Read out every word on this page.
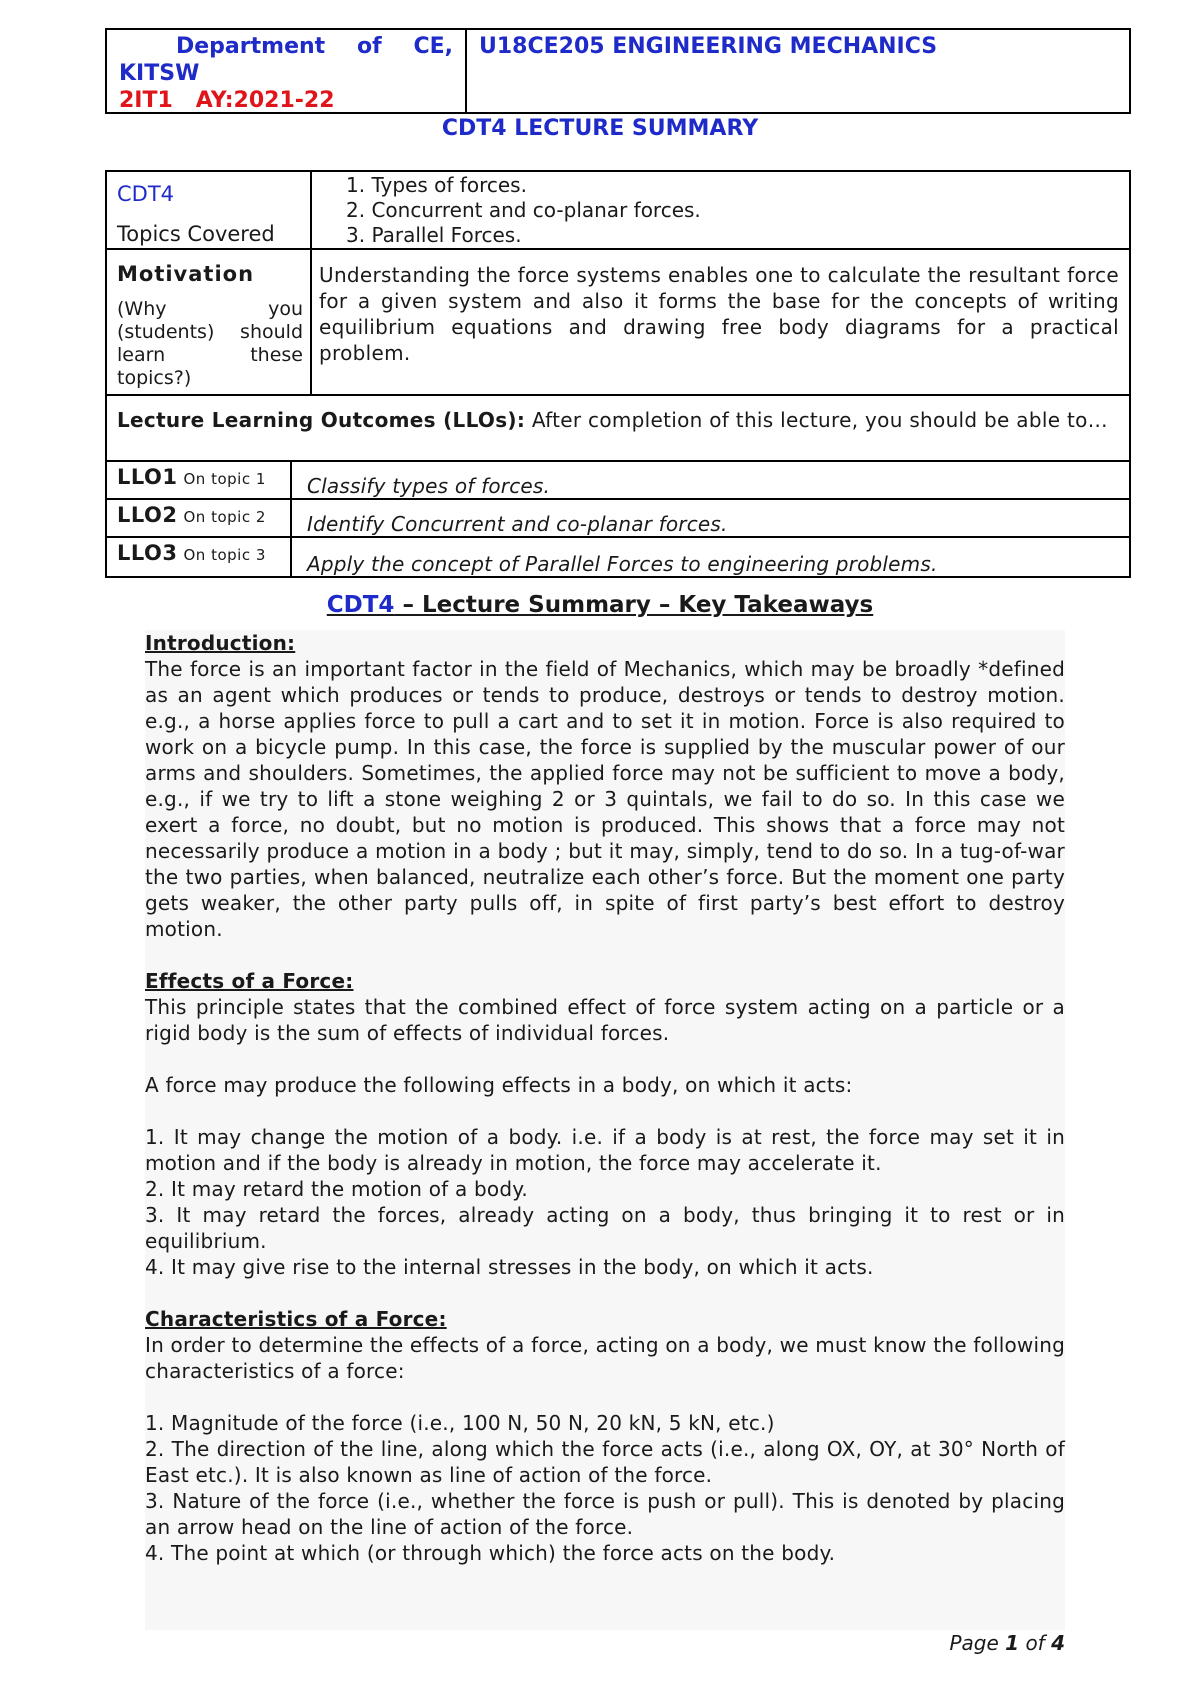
Department of CE,
KITSW
2IT1 AY:2021-22
U18CE205 ENGINEERING MECHANICS
CDT4 LECTURE SUMMARY
CDT4
Topics Covered
1. Types of forces.
2. Concurrent and co-planar forces.
3. Parallel Forces.
Motivation
(Why you (students) should learn these topics?)
Understanding the force systems enables one to calculate the resultant force for a given system and also it forms the base for the concepts of writing equilibrium equations and drawing free body diagrams for a practical problem.
Lecture Learning Outcomes (LLOs): After completion of this lecture, you should be able to…
LLO1 On topic 1 Classify types of forces.
LLO2 On topic 2 Identify Concurrent and co-planar forces.
LLO3 On topic 3 Apply the concept of Parallel Forces to engineering problems.
CDT4 – Lecture Summary – Key Takeaways
Introduction:

The force is an important factor in the field of Mechanics, which may be broadly *defined as an agent which produces or tends to produce, destroys or tends to destroy motion. e.g., a horse applies force to pull a cart and to set it in motion. Force is also required to work on a bicycle pump. In this case, the force is supplied by the muscular power of our arms and shoulders. Sometimes, the applied force may not be sufficient to move a body, e.g., if we try to lift a stone weighing 2 or 3 quintals, we fail to do so. In this case we exert a force, no doubt, but no motion is produced. This shows that a force may not necessarily produce a motion in a body ; but it may, simply, tend to do so. In a tug-of-war the two parties, when balanced, neutralize each other’s force. But the moment one party gets weaker, the other party pulls off, in spite of first party’s best effort to destroy motion.

Effects of a Force:

This principle states that the combined effect of force system acting on a particle or a rigid body is the sum of effects of individual forces.

A force may produce the following effects in a body, on which it acts:

1. It may change the motion of a body. i.e. if a body is at rest, the force may set it in motion and if the body is already in motion, the force may accelerate it.

2. It may retard the motion of a body.

3. It may retard the forces, already acting on a body, thus bringing it to rest or in equilibrium.

4. It may give rise to the internal stresses in the body, on which it acts.

Characteristics of a Force:

In order to determine the effects of a force, acting on a body, we must know the following characteristics of a force:

1. Magnitude of the force (i.e., 100 N, 50 N, 20 kN, 5 kN, etc.)

2. The direction of the line, along which the force acts (i.e., along OX, OY, at 30° North of East etc.). It is also known as line of action of the force.

3. Nature of the force (i.e., whether the force is push or pull). This is denoted by placing an arrow head on the line of action of the force.

4. The point at which (or through which) the force acts on the body.

Page 1 of 4
